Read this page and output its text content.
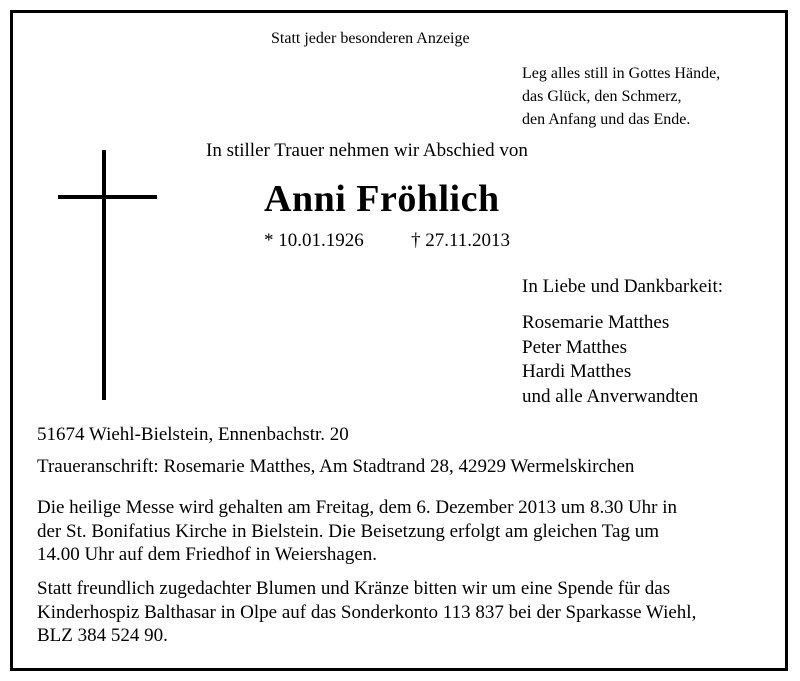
Statt jeder besonderen Anzeige
Leg alles still in Gottes Hände,
das Glück, den Schmerz,
den Anfang und das Ende.
In stiller Trauer nehmen wir Abschied von
Anni Fröhlich
* 10.01.1926 † 27.11.2013
In Liebe und Dankbarkeit:
Rosemarie Matthes
Peter Matthes
Hardi Matthes
und alle Anverwandten
51674 Wiehl-Bielstein, Ennenbachstr. 20
Traueranschrift: Rosemarie Matthes, Am Stadtrand 28, 42929 Wermelskirchen
Die heilige Messe wird gehalten am Freitag, dem 6. Dezember 2013 um 8.30 Uhr in
der St. Bonifatius Kirche in Bielstein. Die Beisetzung erfolgt am gleichen Tag um
14.00 Uhr auf dem Friedhof in Weiershagen.
Statt freundlich zugedachter Blumen und Kränze bitten wir um eine Spende für das
Kinderhospiz Balthasar in Olpe auf das Sonderkonto 113 837 bei der Sparkasse Wiehl,
BLZ 384 524 90.
